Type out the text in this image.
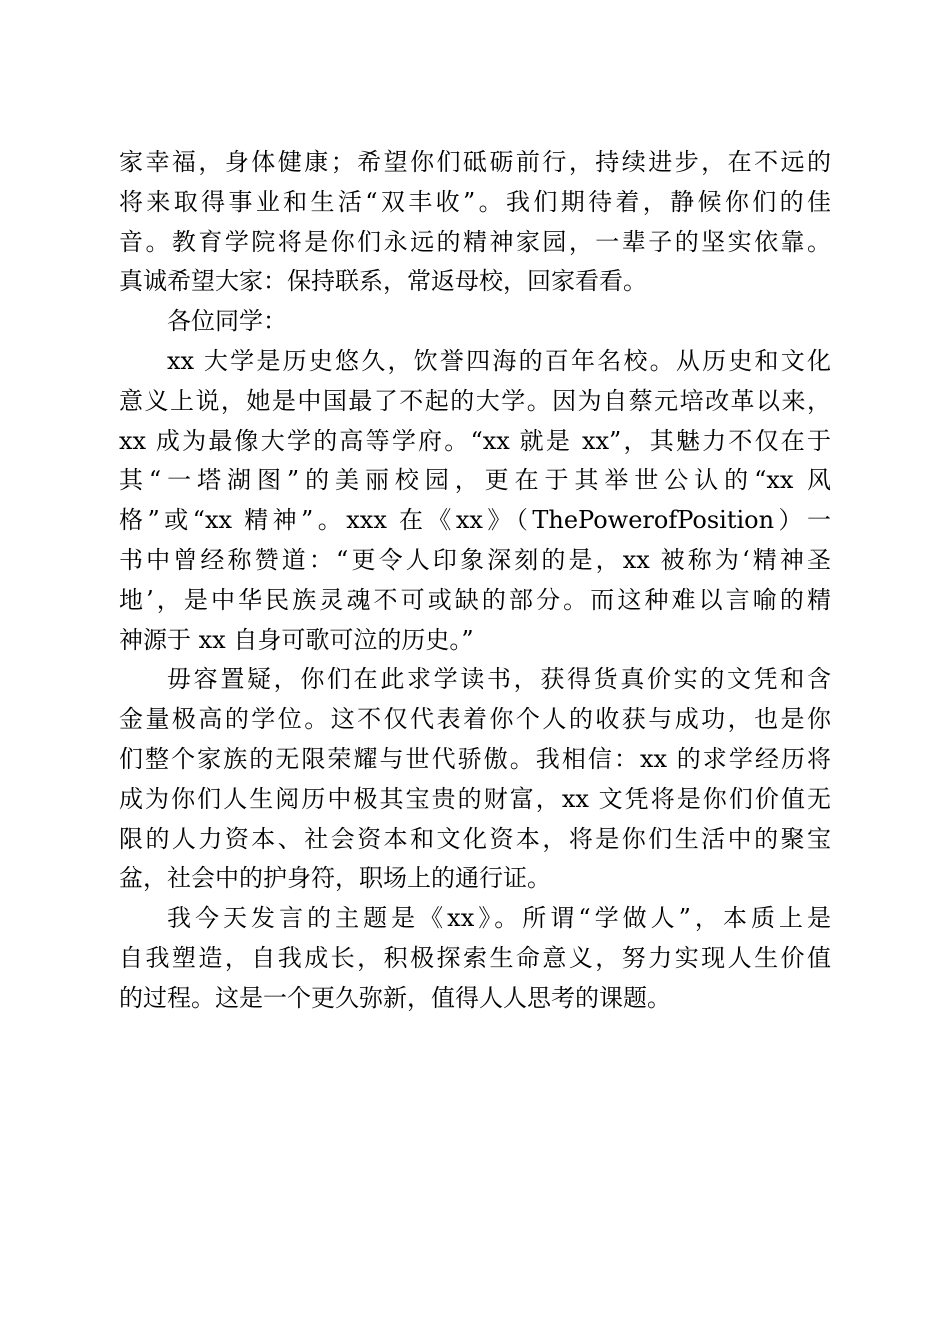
家幸福，身体健康；希望你们砥砺前行，持续进步，在不远的
将来取得事业和生活“双丰收”。我们期待着，静候你们的佳
音。教育学院将是你们永远的精神家园，一辈子的坚实依靠。
真诚希望大家：保持联系，常返母校，回家看看。
各位同学：
xx 大学是历史悠久，饮誉四海的百年名校。从历史和文化
意义上说，她是中国最了不起的大学。因为自蔡元培改革以来，
xx 成为最像大学的高等学府。“xx 就是 xx”，其魅力不仅在于
其“一塔湖图”的美丽校园，更在于其举世公认的“xx 风
格”或“xx 精神”。xxx 在《xx》（ThePowerofPosition）一
书中曾经称赞道：“更令人印象深刻的是，xx 被称为‘精神圣
地’，是中华民族灵魂不可或缺的部分。而这种难以言喻的精
神源于 xx 自身可歌可泣的历史。”
毋容置疑，你们在此求学读书，获得货真价实的文凭和含
金量极高的学位。这不仅代表着你个人的收获与成功，也是你
们整个家族的无限荣耀与世代骄傲。我相信：xx 的求学经历将
成为你们人生阅历中极其宝贵的财富，xx 文凭将是你们价值无
限的人力资本、社会资本和文化资本，将是你们生活中的聚宝
盆，社会中的护身符，职场上的通行证。
我今天发言的主题是《xx》。所谓“学做人”，本质上是
自我塑造，自我成长，积极探索生命意义，努力实现人生价值
的过程。这是一个更久弥新，值得人人思考的课题。
